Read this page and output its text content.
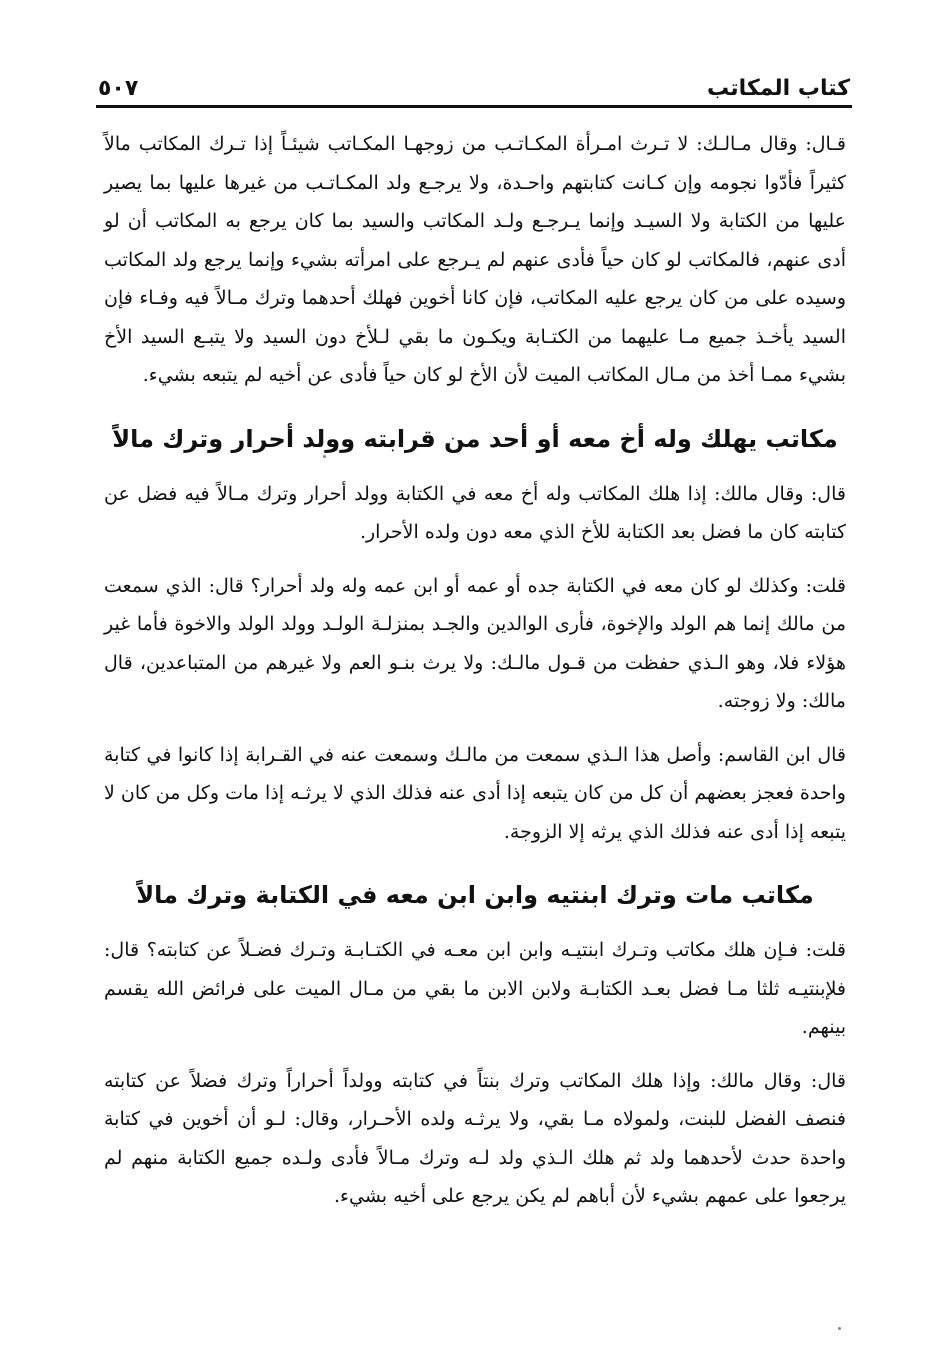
كتاب المكاتب
٥٠٧

قـال: وقال مـالـك: لا تـرث امـرأة المكـاتـب من زوجهـا المكـاتب شيئـاً إذا تـرك المكاتب مالاً كثيراً فأدّوا نجومه وإن كـانت كتابتهم واحـدة، ولا يرجـع ولد المكـاتـب من غيرها عليها بما يصير عليها من الكتابة ولا السيـد وإنما يـرجـع ولـد المكاتب والسيد بما كان يرجع به المكاتب أن لو أدى عنهم، فالمكاتب لو كان حياً فأدى عنهم لم يـرجع على امرأته بشيء وإنما يرجع ولد المكاتب وسيده على من كان يرجع عليه المكاتب، فإن كانا أخوين فهلك أحدهما وترك مـالاً فيه وفـاء فإن السيد يأخـذ جميع مـا عليهما من الكتـابة ويكـون ما بقي لـلأخ دون السيد ولا يتبـع السيد الأخ بشيء ممـا أخذ من مـال المكاتب الميت لأن الأخ لو كان حياً فأدى عن أخيه لم يتبعه بشيء.

مكاتب يهلك وله أخ معه أو أحد من قرابته وولد أحرار وترك مالاً

قال: وقال مالك: إذا هلك المكاتب وله أخ معه في الكتابة وولد أحرار وترك مـالاً فيه فضل عن كتابته كان ما فضل بعد الكتابة للأخ الذي معه دون ولده الأحرار.

قلت: وكذلك لو كان معه في الكتابة جده أو عمه أو ابن عمه وله ولد أحرار؟ قال: الذي سمعت من مالك إنما هم الولد والإخوة، فأرى الوالدين والجـد بمنزلـة الولـد وولد الولد والاخوة فأما غير هؤلاء فلا، وهو الـذي حفظت من قـول مالـك: ولا يرث بنـو العم ولا غيرهم من المتباعدين، قال مالك: ولا زوجته.

قال ابن القاسم: وأصل هذا الـذي سمعت من مالـك وسمعت عنه في القـرابة إذا كانوا في كتابة واحدة فعجز بعضهم أن كل من كان يتبعه إذا أدى عنه فذلك الذي لا يرثـه إذا مات وكل من كان لا يتبعه إذا أدى عنه فذلك الذي يرثه إلا الزوجة.

مكاتب مات وترك ابنتيه وابن ابن معه في الكتابة وترك مالاً

قلت: فـإن هلك مكاتب وتـرك ابنتيـه وابن ابن معـه في الكتـابـة وتـرك فضـلاً عن كتابته؟ قال: فلإبنتيـه ثلثا مـا فضل بعـد الكتابـة ولابن الابن ما بقي من مـال الميت على فرائض الله يقسم بينهم.

قال: وقال مالك: وإذا هلك المكاتب وترك بنتاً في كتابته وولداً أحراراً وترك فضلاً عن كتابته فنصف الفضل للبنت، ولمولاه مـا بقي، ولا يرثـه ولده الأحـرار، وقال: لـو أن أخوين في كتابة واحدة حدث لأحدهما ولد ثم هلك الـذي ولد لـه وترك مـالاً فأدى ولـده جميع الكتابة منهم لم يرجعوا على عمهم بشيء لأن أباهم لم يكن يرجع على أخيه بشيء.
